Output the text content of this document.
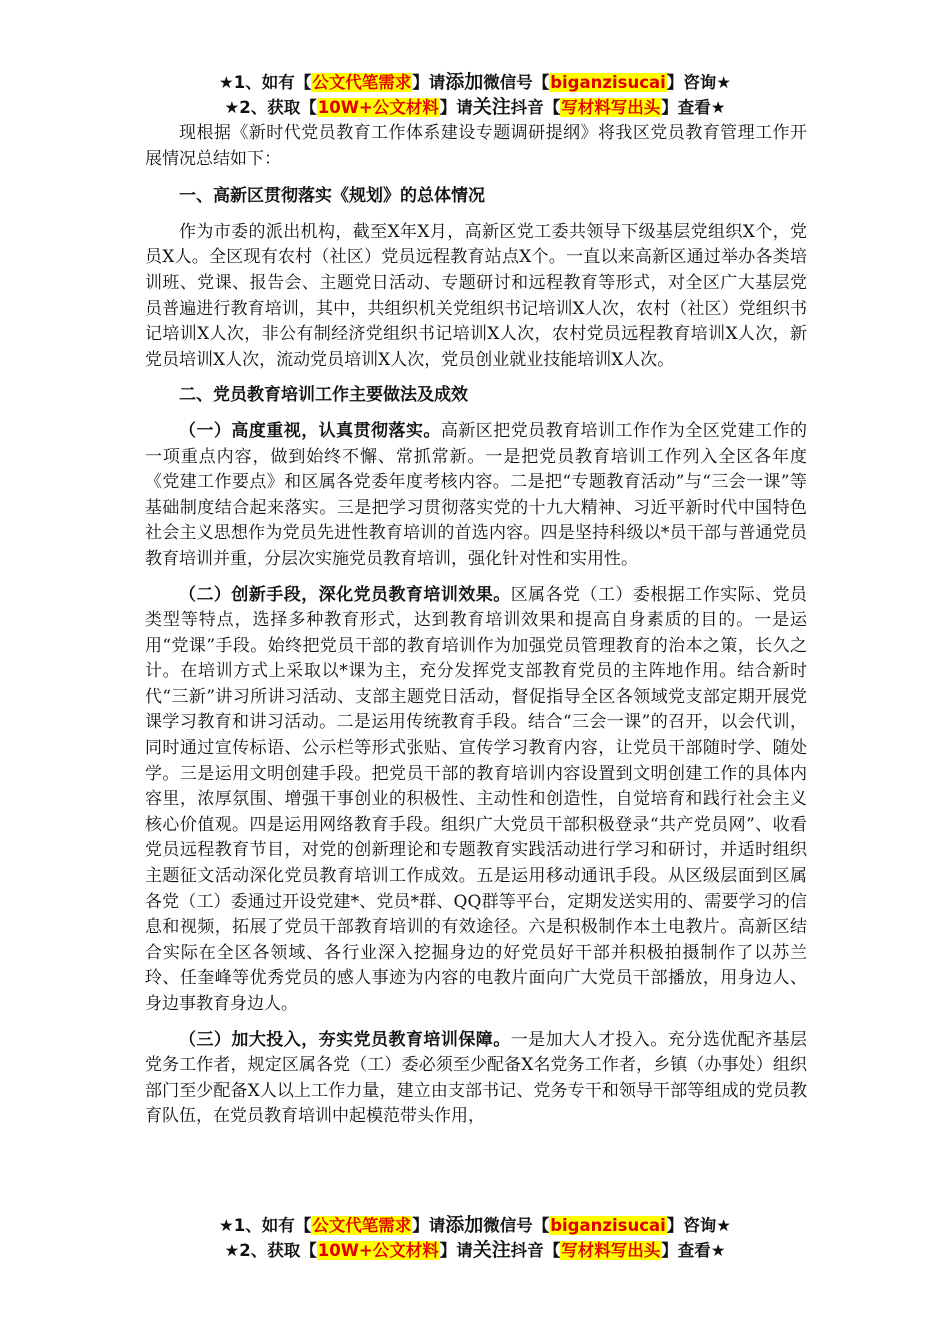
★1、如有【公文代笔需求】请添加微信号【biganzisucai】咨询★
★2、获取【10W+公文材料】请关注抖音【写材料写出头】查看★

现根据《新时代党员教育工作体系建设专题调研提纲》将我区党员教育管理工作开展情况总结如下：

一、高新区贯彻落实《规划》的总体情况

作为市委的派出机构，截至X年X月，高新区党工委共领导下级基层党组织X个，党员X人。全区现有农村（社区）党员远程教育站点X个。一直以来高新区通过举办各类培训班、党课、报告会、主题党日活动、专题研讨和远程教育等形式，对全区广大基层党员普遍进行教育培训，其中，共组织机关党组织书记培训X人次，农村（社区）党组织书记培训X人次，非公有制经济党组织书记培训X人次，农村党员远程教育培训X人次，新党员培训X人次，流动党员培训X人次，党员创业就业技能培训X人次。

二、党员教育培训工作主要做法及成效

（一）高度重视，认真贯彻落实。高新区把党员教育培训工作作为全区党建工作的一项重点内容，做到始终不懈、常抓常新。一是把党员教育培训工作列入全区各年度《党建工作要点》和区属各党委年度考核内容。二是把“专题教育活动”与“三会一课”等基础制度结合起来落实。三是把学习贯彻落实党的十九大精神、习近平新时代中国特色社会主义思想作为党员先进性教育培训的首选内容。四是坚持科级以*员干部与普通党员教育培训并重，分层次实施党员教育培训，强化针对性和实用性。

（二）创新手段，深化党员教育培训效果。区属各党（工）委根据工作实际、党员类型等特点，选择多种教育形式，达到教育培训效果和提高自身素质的目的。一是运用“党课”手段。始终把党员干部的教育培训作为加强党员管理教育的治本之策，长久之计。在培训方式上采取以*课为主，充分发挥党支部教育党员的主阵地作用。结合新时代“三新”讲习所讲习活动、支部主题党日活动，督促指导全区各领域党支部定期开展党课学习教育和讲习活动。二是运用传统教育手段。结合“三会一课”的召开，以会代训，同时通过宣传标语、公示栏等形式张贴、宣传学习教育内容，让党员干部随时学、随处学。三是运用文明创建手段。把党员干部的教育培训内容设置到文明创建工作的具体内容里，浓厚氛围、增强干事创业的积极性、主动性和创造性，自觉培育和践行社会主义核心价值观。四是运用网络教育手段。组织广大党员干部积极登录“共产党员网”、收看党员远程教育节目，对党的创新理论和专题教育实践活动进行学习和研讨，并适时组织主题征文活动深化党员教育培训工作成效。五是运用移动通讯手段。从区级层面到区属各党（工）委通过开设党建*、党员*群、QQ群等平台，定期发送实用的、需要学习的信息和视频，拓展了党员干部教育培训的有效途径。六是积极制作本土电教片。高新区结合实际在全区各领域、各行业深入挖掘身边的好党员好干部并积极拍摄制作了以苏兰玲、任奎峰等优秀党员的感人事迹为内容的电教片面向广大党员干部播放，用身边人、身边事教育身边人。

（三）加大投入，夯实党员教育培训保障。一是加大人才投入。充分选优配齐基层党务工作者，规定区属各党（工）委必须至少配备X名党务工作者，乡镇（办事处）组织部门至少配备X人以上工作力量，建立由支部书记、党务专干和领导干部等组成的党员教育队伍，在党员教育培训中起模范带头作用，

★1、如有【公文代笔需求】请添加微信号【biganzisucai】咨询★
★2、获取【10W+公文材料】请关注抖音【写材料写出头】查看★
